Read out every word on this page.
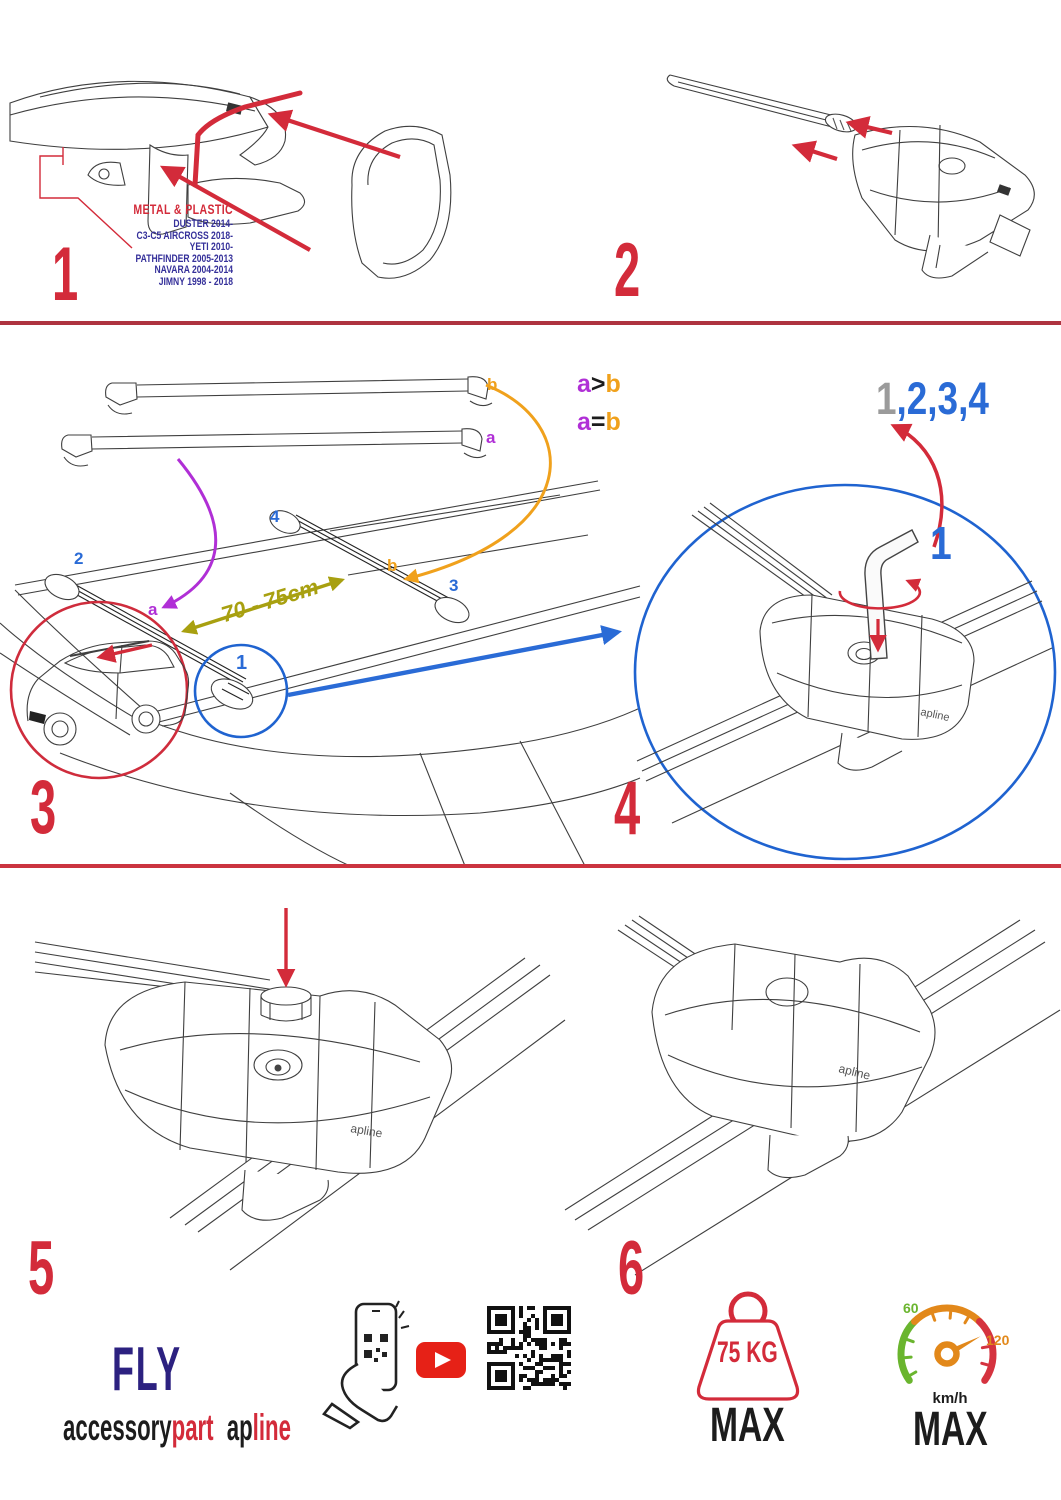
METAL & PLASTIC
DUSTER 2014-
C3-C5 AIRCROSS 2018-
YETI 2010-
PATHFINDER 2005-2013
NAVARA 2004-2014
JIMNY 1998 - 2018
1	2
b
a
a>b
a=b
2
4
3
b
a
1
70 - 75cm
3
apline
1,2,3,4
1
4
apline
5
apline
6
FLY
accessorypart apline
75 KG
MAX
60
120
km/h
MAX
